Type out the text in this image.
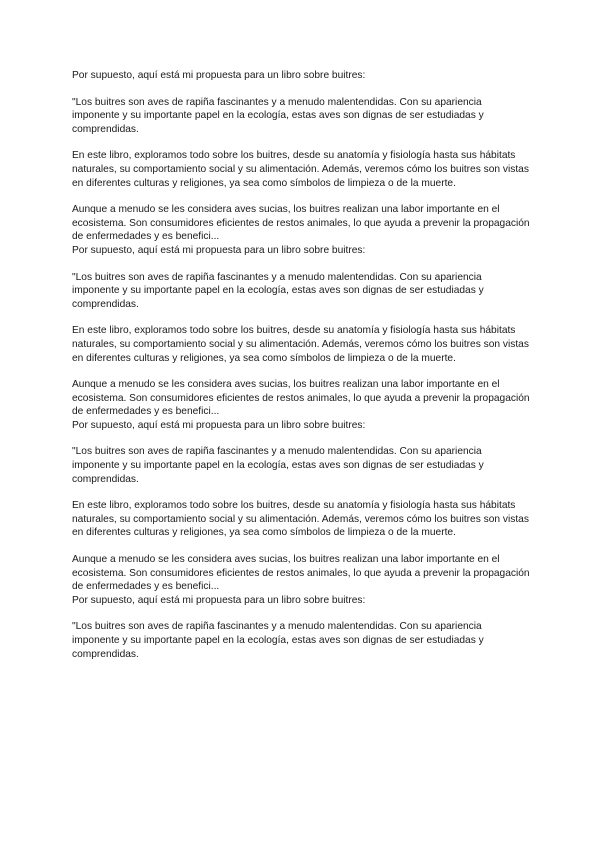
Por supuesto, aquí está mi propuesta para un libro sobre buitres:

"Los buitres son aves de rapiña fascinantes y a menudo malentendidas. Con su apariencia imponente y su importante papel en la ecología, estas aves son dignas de ser estudiadas y comprendidas.

En este libro, exploramos todo sobre los buitres, desde su anatomía y fisiología hasta sus hábitats naturales, su comportamiento social y su alimentación. Además, veremos cómo los buitres son vistas en diferentes culturas y religiones, ya sea como símbolos de limpieza o de la muerte.

Aunque a menudo se les considera aves sucias, los buitres realizan una labor importante en el ecosistema. Son consumidores eficientes de restos animales, lo que ayuda a prevenir la propagación de enfermedades y es benefici...

Por supuesto, aquí está mi propuesta para un libro sobre buitres:

"Los buitres son aves de rapiña fascinantes y a menudo malentendidas. Con su apariencia imponente y su importante papel en la ecología, estas aves son dignas de ser estudiadas y comprendidas.

En este libro, exploramos todo sobre los buitres, desde su anatomía y fisiología hasta sus hábitats naturales, su comportamiento social y su alimentación. Además, veremos cómo los buitres son vistas en diferentes culturas y religiones, ya sea como símbolos de limpieza o de la muerte.

Aunque a menudo se les considera aves sucias, los buitres realizan una labor importante en el ecosistema. Son consumidores eficientes de restos animales, lo que ayuda a prevenir la propagación de enfermedades y es benefici...

Por supuesto, aquí está mi propuesta para un libro sobre buitres:

"Los buitres son aves de rapiña fascinantes y a menudo malentendidas. Con su apariencia imponente y su importante papel en la ecología, estas aves son dignas de ser estudiadas y comprendidas.

En este libro, exploramos todo sobre los buitres, desde su anatomía y fisiología hasta sus hábitats naturales, su comportamiento social y su alimentación. Además, veremos cómo los buitres son vistas en diferentes culturas y religiones, ya sea como símbolos de limpieza o de la muerte.

Aunque a menudo se les considera aves sucias, los buitres realizan una labor importante en el ecosistema. Son consumidores eficientes de restos animales, lo que ayuda a prevenir la propagación de enfermedades y es benefici...

Por supuesto, aquí está mi propuesta para un libro sobre buitres:

"Los buitres son aves de rapiña fascinantes y a menudo malentendidas. Con su apariencia imponente y su importante papel en la ecología, estas aves son dignas de ser estudiadas y comprendidas.
